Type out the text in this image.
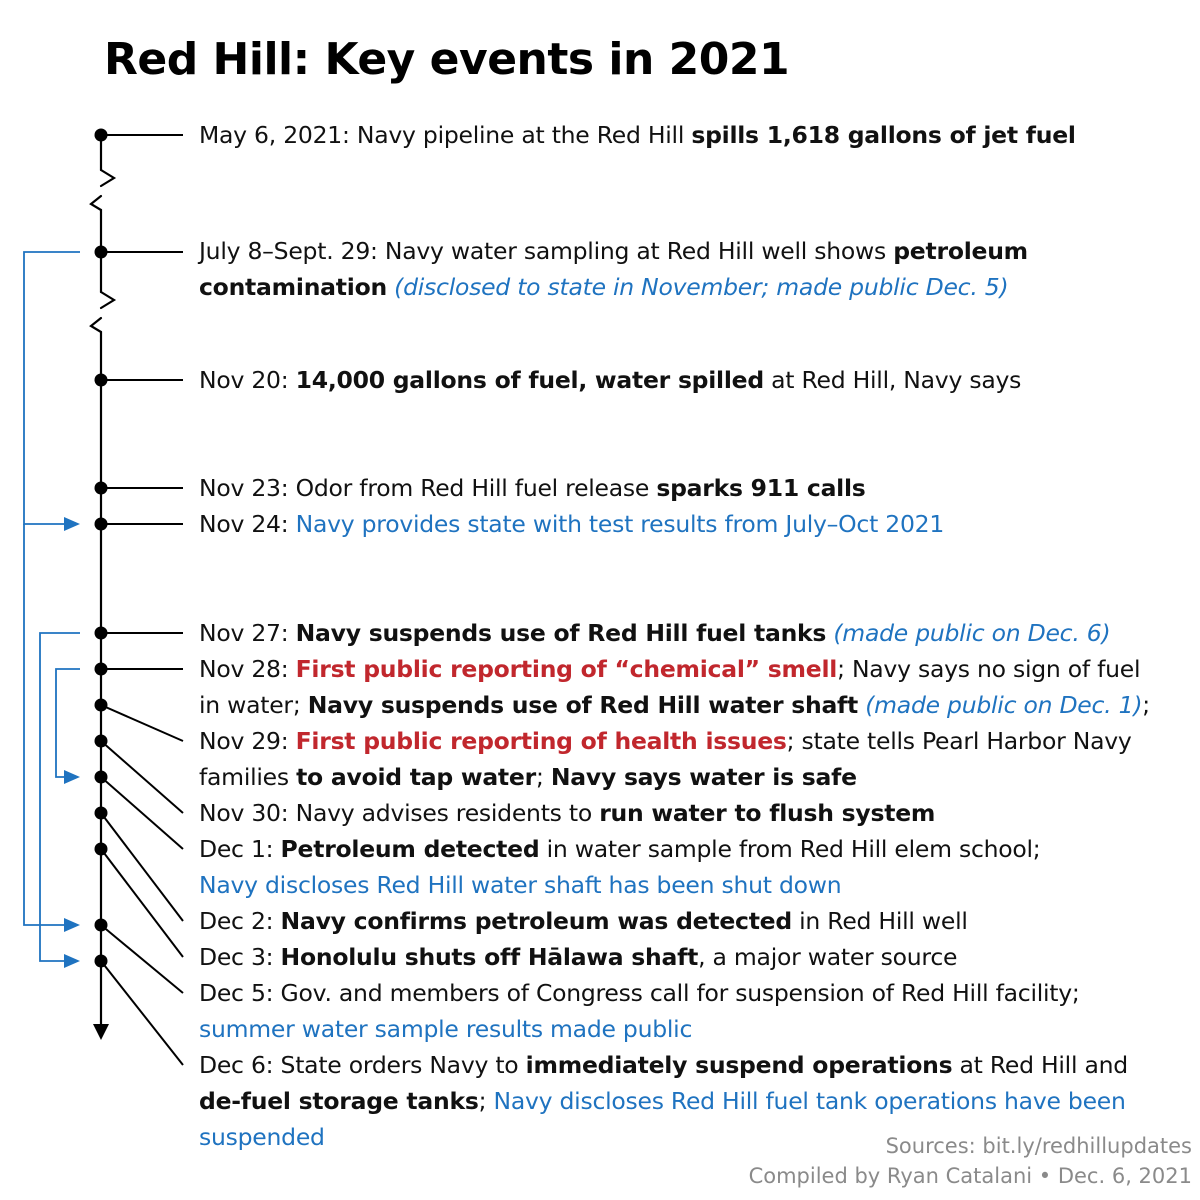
Red Hill: Key events in 2021

May 6, 2021: Navy pipeline at the Red Hill spills 1,618 gallons of jet fuel

July 8–Sept. 29: Navy water sampling at Red Hill well shows petroleum
contamination (disclosed to state in November; made public Dec. 5)

Nov 20: 14,000 gallons of fuel, water spilled at Red Hill, Navy says

Nov 23: Odor from Red Hill fuel release sparks 911 calls

Nov 24: Navy provides state with test results from July–Oct 2021

Nov 27: Navy suspends use of Red Hill fuel tanks (made public on Dec. 6)

Nov 28: First public reporting of “chemical” smell; Navy says no sign of fuel
in water; Navy suspends use of Red Hill water shaft (made public on Dec. 1);

Nov 29: First public reporting of health issues; state tells Pearl Harbor Navy
families to avoid tap water; Navy says water is safe

Nov 30: Navy advises residents to run water to flush system

Dec 1: Petroleum detected in water sample from Red Hill elem school;
Navy discloses Red Hill water shaft has been shut down

Dec 2: Navy confirms petroleum was detected in Red Hill well

Dec 3: Honolulu shuts off Hālawa shaft, a major water source

Dec 5: Gov. and members of Congress call for suspension of Red Hill facility;
summer water sample results made public

Dec 6: State orders Navy to immediately suspend operations at Red Hill and
de-fuel storage tanks; Navy discloses Red Hill fuel tank operations have been
suspended	Sources: bit.ly/redhillupdates

Compiled by Ryan Catalani • Dec. 6, 2021
